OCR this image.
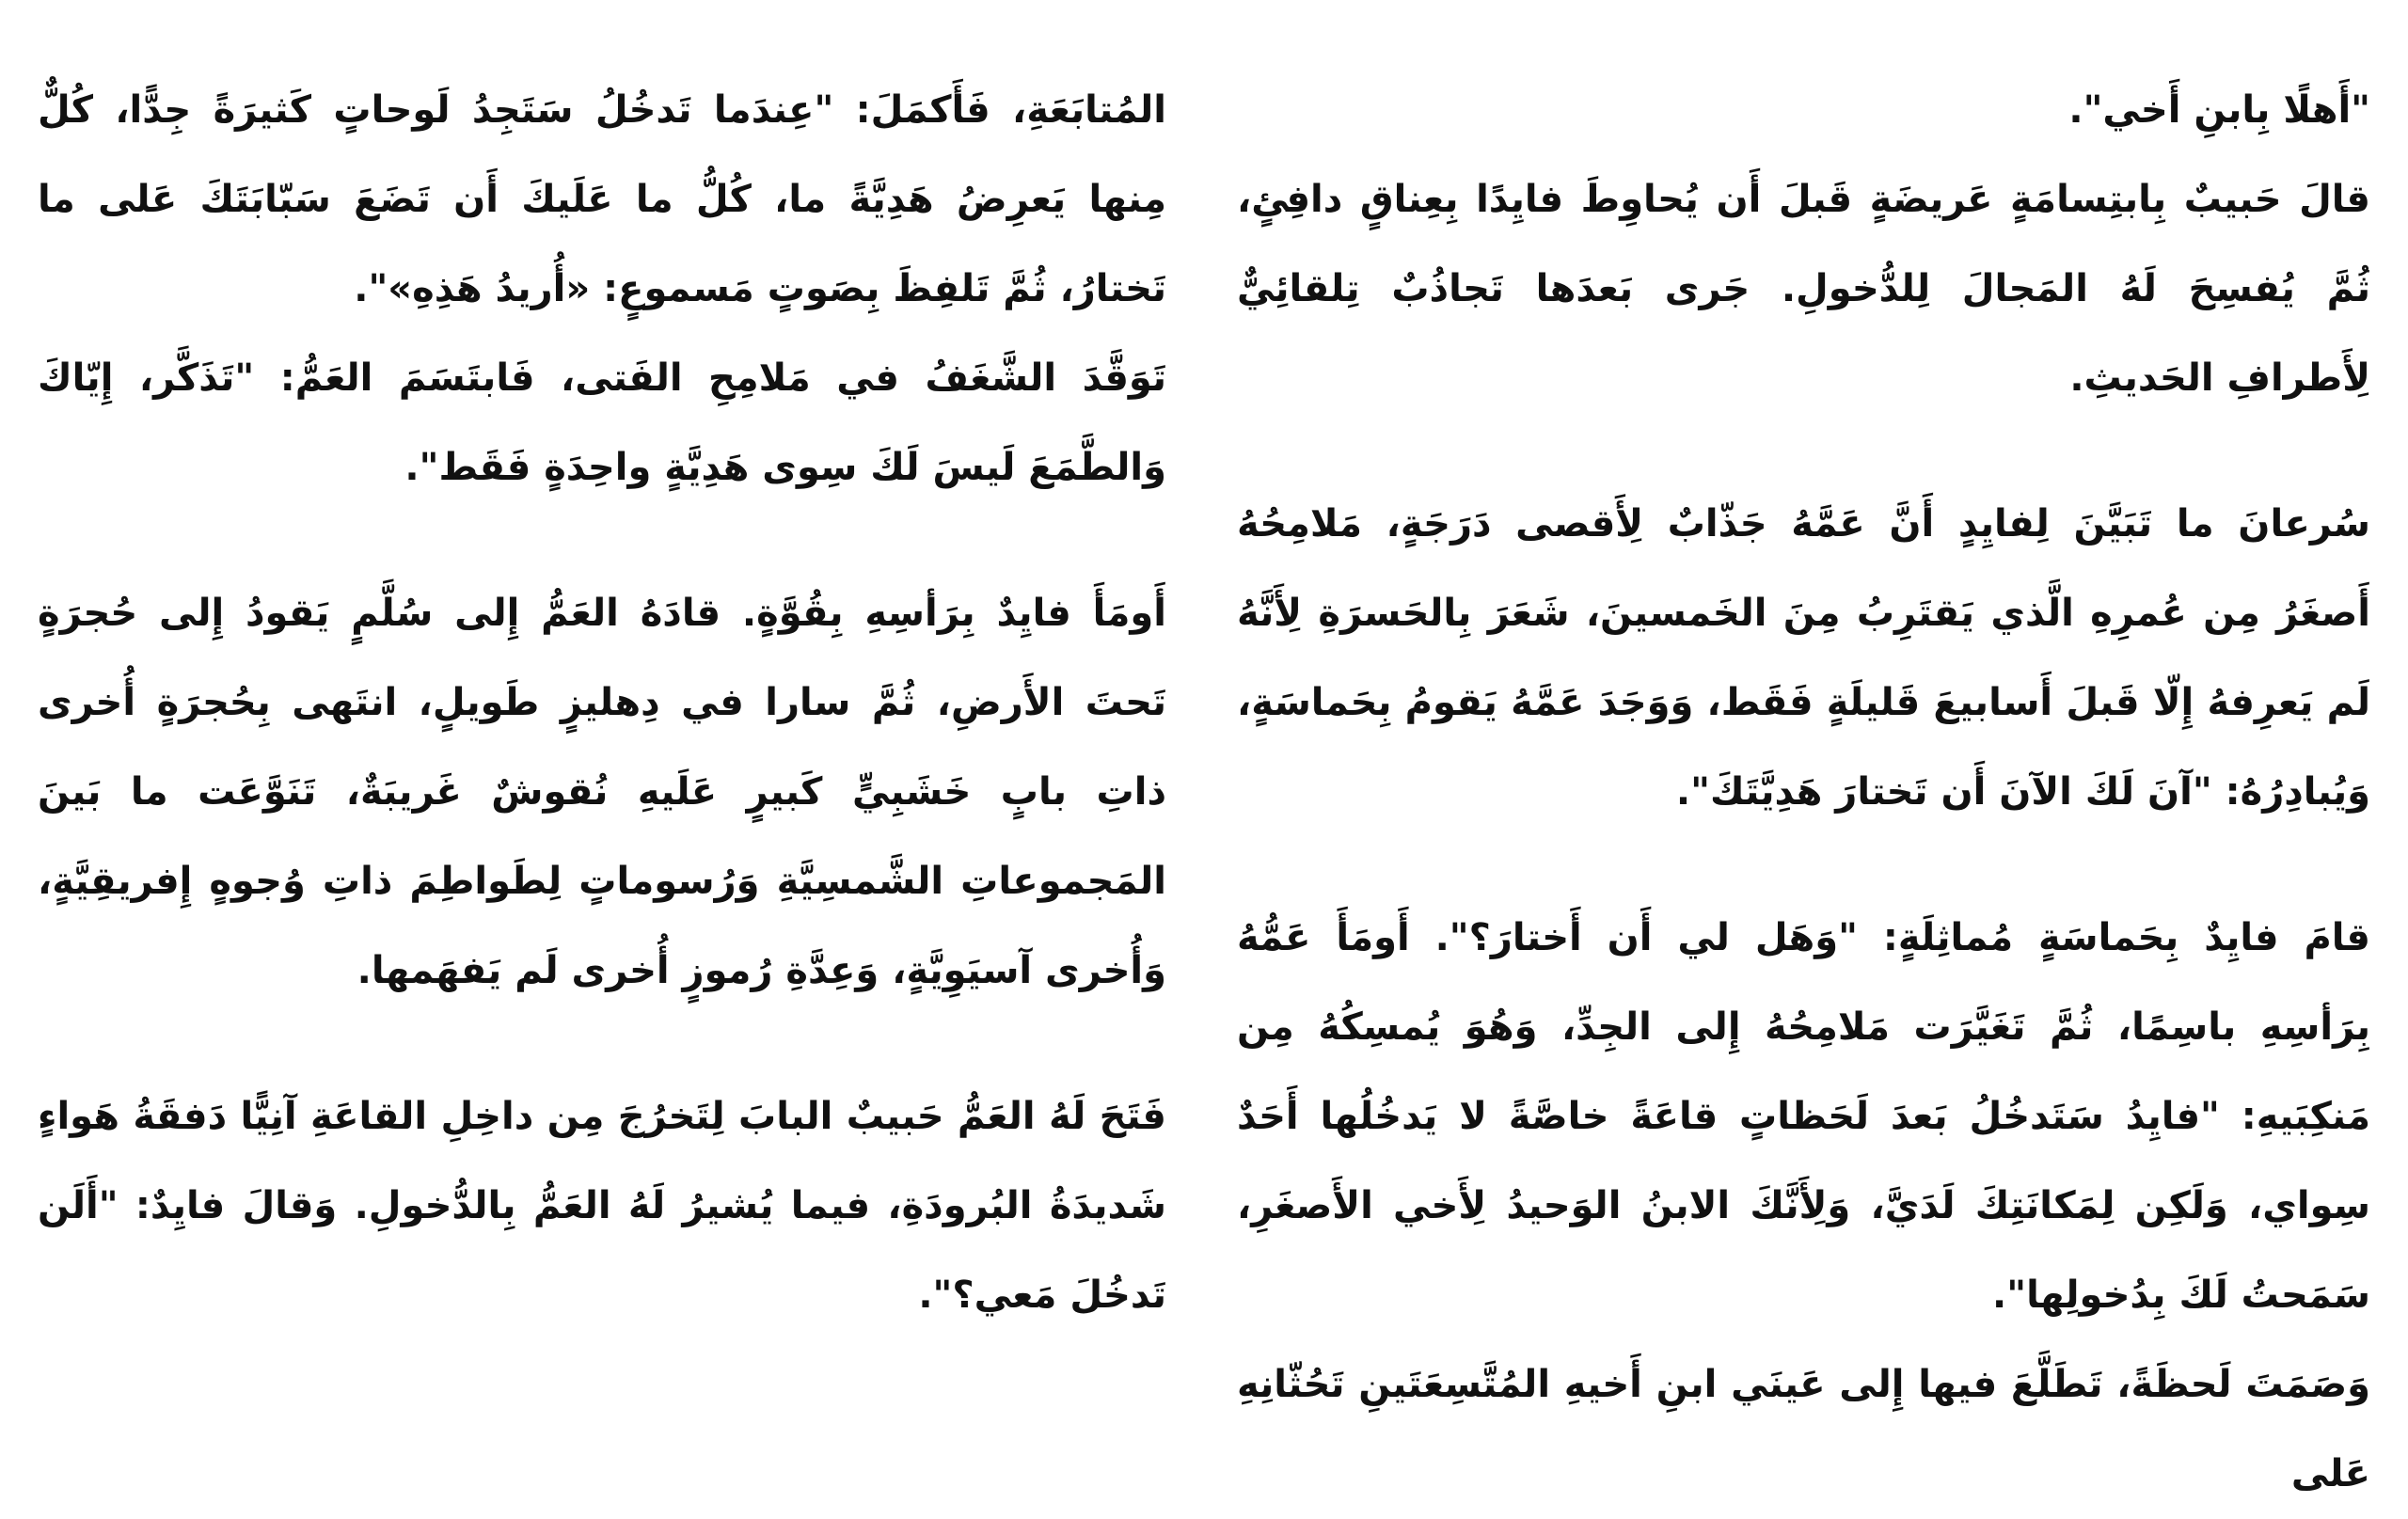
"أَهلًا بِابنِ أَخي".

قالَ حَبيبٌ بِابتِسامَةٍ عَريضَةٍ قَبلَ أَن يُحاوِطَ فايِدًا بِعِناقٍ دافِئٍ، ثُمَّ يُفسِحَ لَهُ المَجالَ لِلدُّخولِ. جَرى بَعدَها تَجاذُبٌ تِلقائِيٌّ لِأَطرافِ الحَديثِ.

سُرعانَ ما تَبَيَّنَ لِفايِدٍ أَنَّ عَمَّهُ جَذّابٌ لِأَقصى دَرَجَةٍ، مَلامِحُهُ أَصغَرُ مِن عُمرِهِ الَّذي يَقتَرِبُ مِنَ الخَمسينَ، شَعَرَ بِالحَسرَةِ لِأَنَّهُ لَم يَعرِفهُ إِلّا قَبلَ أَسابيعَ قَليلَةٍ فَقَط، وَوَجَدَ عَمَّهُ يَقومُ بِحَماسَةٍ، وَيُبادِرُهُ: "آنَ لَكَ الآنَ أَن تَختارَ هَدِيَّتَكَ".

قامَ فايِدٌ بِحَماسَةٍ مُماثِلَةٍ: "وَهَل لي أَن أَختارَ؟". أَومَأَ عَمُّهُ بِرَأسِهِ باسِمًا، ثُمَّ تَغَيَّرَت مَلامِحُهُ إِلى الجِدِّ، وَهُوَ يُمسِكُهُ مِن مَنكِبَيهِ: "فايِدُ سَتَدخُلُ بَعدَ لَحَظاتٍ قاعَةً خاصَّةً لا يَدخُلُها أَحَدٌ سِواي، وَلَكِن لِمَكانَتِكَ لَدَيَّ، وَلِأَنَّكَ الابنُ الوَحيدُ لِأَخي الأَصغَرِ، سَمَحتُ لَكَ بِدُخولِها".

وَصَمَتَ لَحظَةً، تَطَلَّعَ فيها إِلى عَينَي ابنِ أَخيهِ المُتَّسِعَتَينِ تَحُثّانِهِ عَلى

المُتابَعَةِ، فَأَكمَلَ: "عِندَما تَدخُلُ سَتَجِدُ لَوحاتٍ كَثيرَةً جِدًّا، كُلٌّ مِنها يَعرِضُ هَدِيَّةً ما، كُلُّ ما عَلَيكَ أَن تَضَعَ سَبّابَتَكَ عَلى ما تَختارُ، ثُمَّ تَلفِظَ بِصَوتٍ مَسموعٍ: «أُريدُ هَذِهِ»".

تَوَقَّدَ الشَّغَفُ في مَلامِحِ الفَتى، فَابتَسَمَ العَمُّ: "تَذَكَّر، إِيّاكَ وَالطَّمَعَ لَيسَ لَكَ سِوى هَدِيَّةٍ واحِدَةٍ فَقَط".

أَومَأَ فايِدٌ بِرَأسِهِ بِقُوَّةٍ. قادَهُ العَمُّ إِلى سُلَّمٍ يَقودُ إِلى حُجرَةٍ تَحتَ الأَرضِ، ثُمَّ سارا في دِهليزٍ طَويلٍ، انتَهى بِحُجرَةٍ أُخرى ذاتِ بابٍ خَشَبِيٍّ كَبيرٍ عَلَيهِ نُقوشٌ غَريبَةٌ، تَنَوَّعَت ما بَينَ المَجموعاتِ الشَّمسِيَّةِ وَرُسوماتٍ لِطَواطِمَ ذاتِ وُجوهٍ إِفريقِيَّةٍ، وَأُخرى آسيَوِيَّةٍ، وَعِدَّةِ رُموزٍ أُخرى لَم يَفهَمها.

فَتَحَ لَهُ العَمُّ حَبيبٌ البابَ لِتَخرُجَ مِن داخِلِ القاعَةِ آنِيًّا دَفقَةُ هَواءٍ شَديدَةُ البُرودَةِ، فيما يُشيرُ لَهُ العَمُّ بِالدُّخولِ. وَقالَ فايِدٌ: "أَلَن تَدخُلَ مَعي؟".
